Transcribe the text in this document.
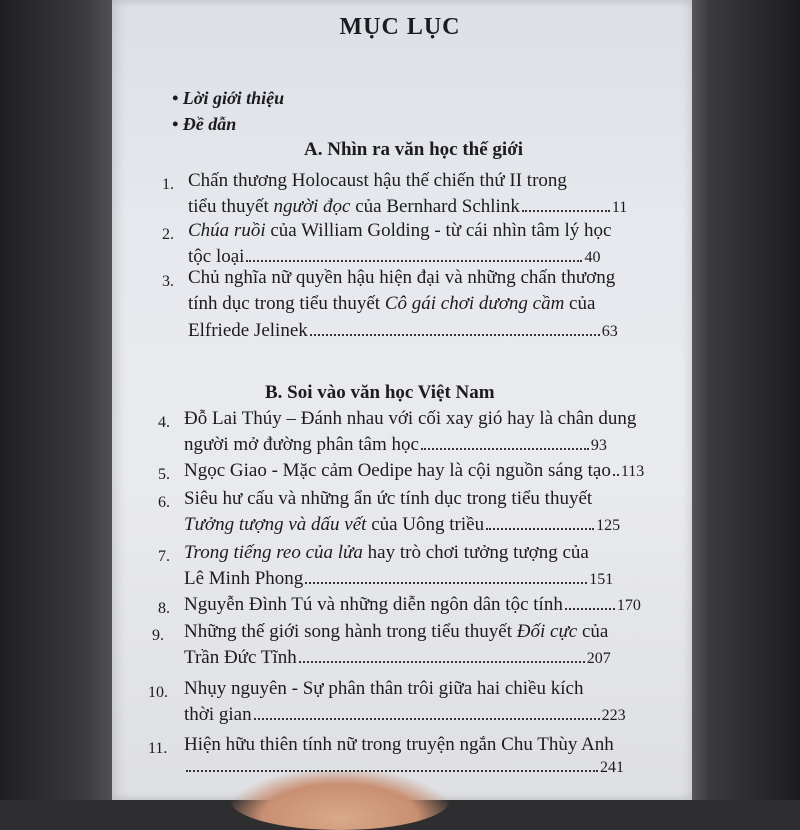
MỤC LỤC
• Lời giới thiệu
• Đề dẫn
A. Nhìn ra văn học thế giới
1. Chấn thương Holocaust hậu thế chiến thứ II trong
tiểu thuyết người đọc của Bernhard Schlink	11
2. Chúa ruồi của William Golding - từ cái nhìn tâm lý học
tộc loại	40
3. Chủ nghĩa nữ quyền hậu hiện đại và những chấn thương
tính dục trong tiểu thuyết Cô gái chơi dương cầm của
Elfriede Jelinek	63
B. Soi vào văn học Việt Nam
4. Đỗ Lai Thúy – Đánh nhau với cối xay gió hay là chân dung
người mở đường phân tâm học	93
5. Ngọc Giao - Mặc cảm Oedipe hay là cội nguồn sáng tạo 113
6. Siêu hư cấu và những ẩn ức tính dục trong tiểu thuyết
Tưởng tượng và dấu vết của Uông triều	125
7. Trong tiếng reo của lửa hay trò chơi tưởng tượng của
Lê Minh Phong	151
8. Nguyễn Đình Tú và những diễn ngôn dân tộc tính	170
9. Những thế giới song hành trong tiểu thuyết Đối cực của
Trần Đức Tĩnh	207
10. Nhụy nguyên - Sự phân thân trôi giữa hai chiều kích
thời gian	223
11. Hiện hữu thiên tính nữ trong truyện ngắn Chu Thùy Anh
241
